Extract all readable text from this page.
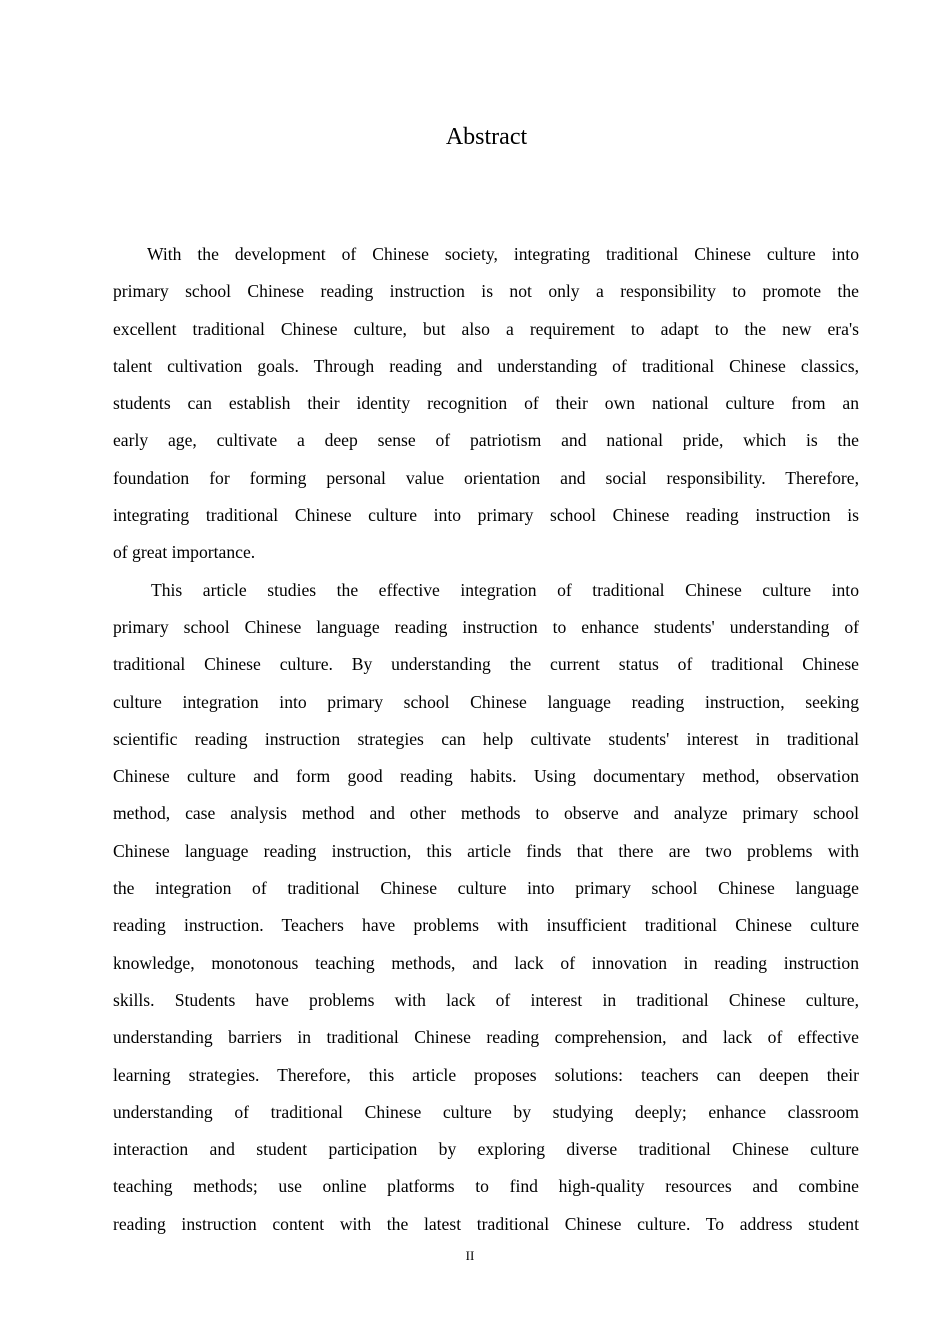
Abstract
With the development of Chinese society, integrating traditional Chinese culture into
primary school Chinese reading instruction is not only a responsibility to promote the
excellent traditional Chinese culture, but also a requirement to adapt to the new era's
talent cultivation goals. Through reading and understanding of traditional Chinese classics,
students can establish their identity recognition of their own national culture from an
early age, cultivate a deep sense of patriotism and national pride, which is the
foundation for forming personal value orientation and social responsibility. Therefore,
integrating traditional Chinese culture into primary school Chinese reading instruction is
of great importance.
This article studies the effective integration of traditional Chinese culture into
primary school Chinese language reading instruction to enhance students' understanding of
traditional Chinese culture. By understanding the current status of traditional Chinese
culture integration into primary school Chinese language reading instruction, seeking
scientific reading instruction strategies can help cultivate students' interest in traditional
Chinese culture and form good reading habits. Using documentary method, observation
method, case analysis method and other methods to observe and analyze primary school
Chinese language reading instruction, this article finds that there are two problems with
the integration of traditional Chinese culture into primary school Chinese language
reading instruction. Teachers have problems with insufficient traditional Chinese culture
knowledge, monotonous teaching methods, and lack of innovation in reading instruction
skills. Students have problems with lack of interest in traditional Chinese culture,
understanding barriers in traditional Chinese reading comprehension, and lack of effective
learning strategies. Therefore, this article proposes solutions: teachers can deepen their
understanding of traditional Chinese culture by studying deeply; enhance classroom
interaction and student participation by exploring diverse traditional Chinese culture
teaching methods; use online platforms to find high-quality resources and combine
reading instruction content with the latest traditional Chinese culture. To address student
II
